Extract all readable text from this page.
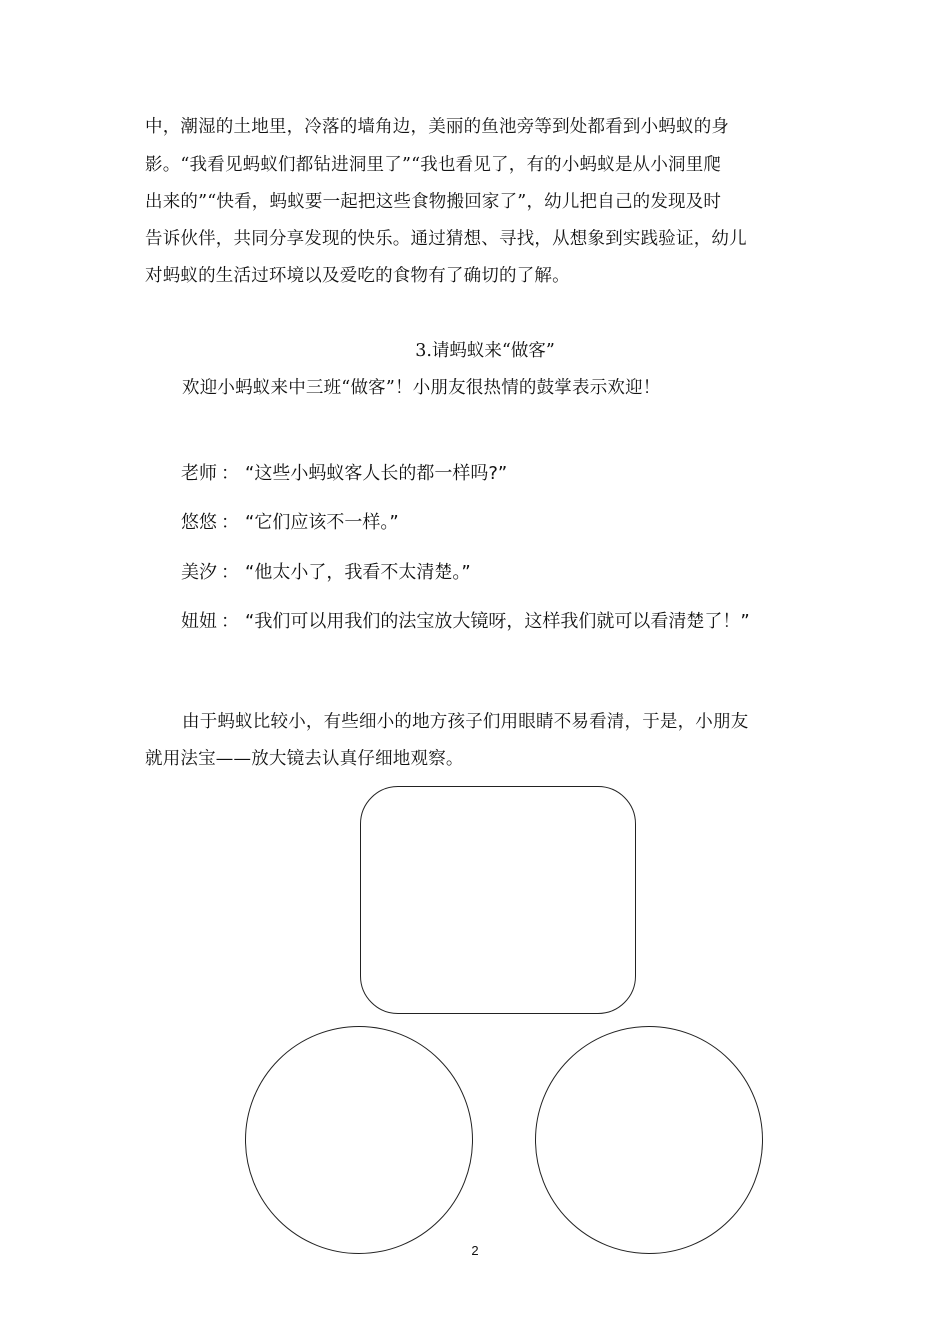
中，潮湿的土地里，冷落的墙角边，美丽的鱼池旁等到处都看到小蚂蚁的身
影。“我看见蚂蚁们都钻进洞里了”“我也看见了，有的小蚂蚁是从小洞里爬
出来的”“快看，蚂蚁要一起把这些食物搬回家了”，幼儿把自己的发现及时
告诉伙伴，共同分享发现的快乐。通过猜想、寻找，从想象到实践验证，幼儿
对蚂蚁的生活过环境以及爱吃的食物有了确切的了解。
3.请蚂蚁来“做客”
欢迎小蚂蚁来中三班“做客”！小朋友很热情的鼓掌表示欢迎！
老师 ： “这些小蚂蚁客人长的都一样吗?”
悠悠 ： “它们应该不一样。”
美汐 ： “他太小了，我看不太清楚。”
妞妞 ： “我们可以用我们的法宝放大镜呀，这样我们就可以看清楚了！”
由于蚂蚁比较小，有些细小的地方孩子们用眼睛不易看清，于是，小朋友
就用法宝——放大镜去认真仔细地观察。
2
